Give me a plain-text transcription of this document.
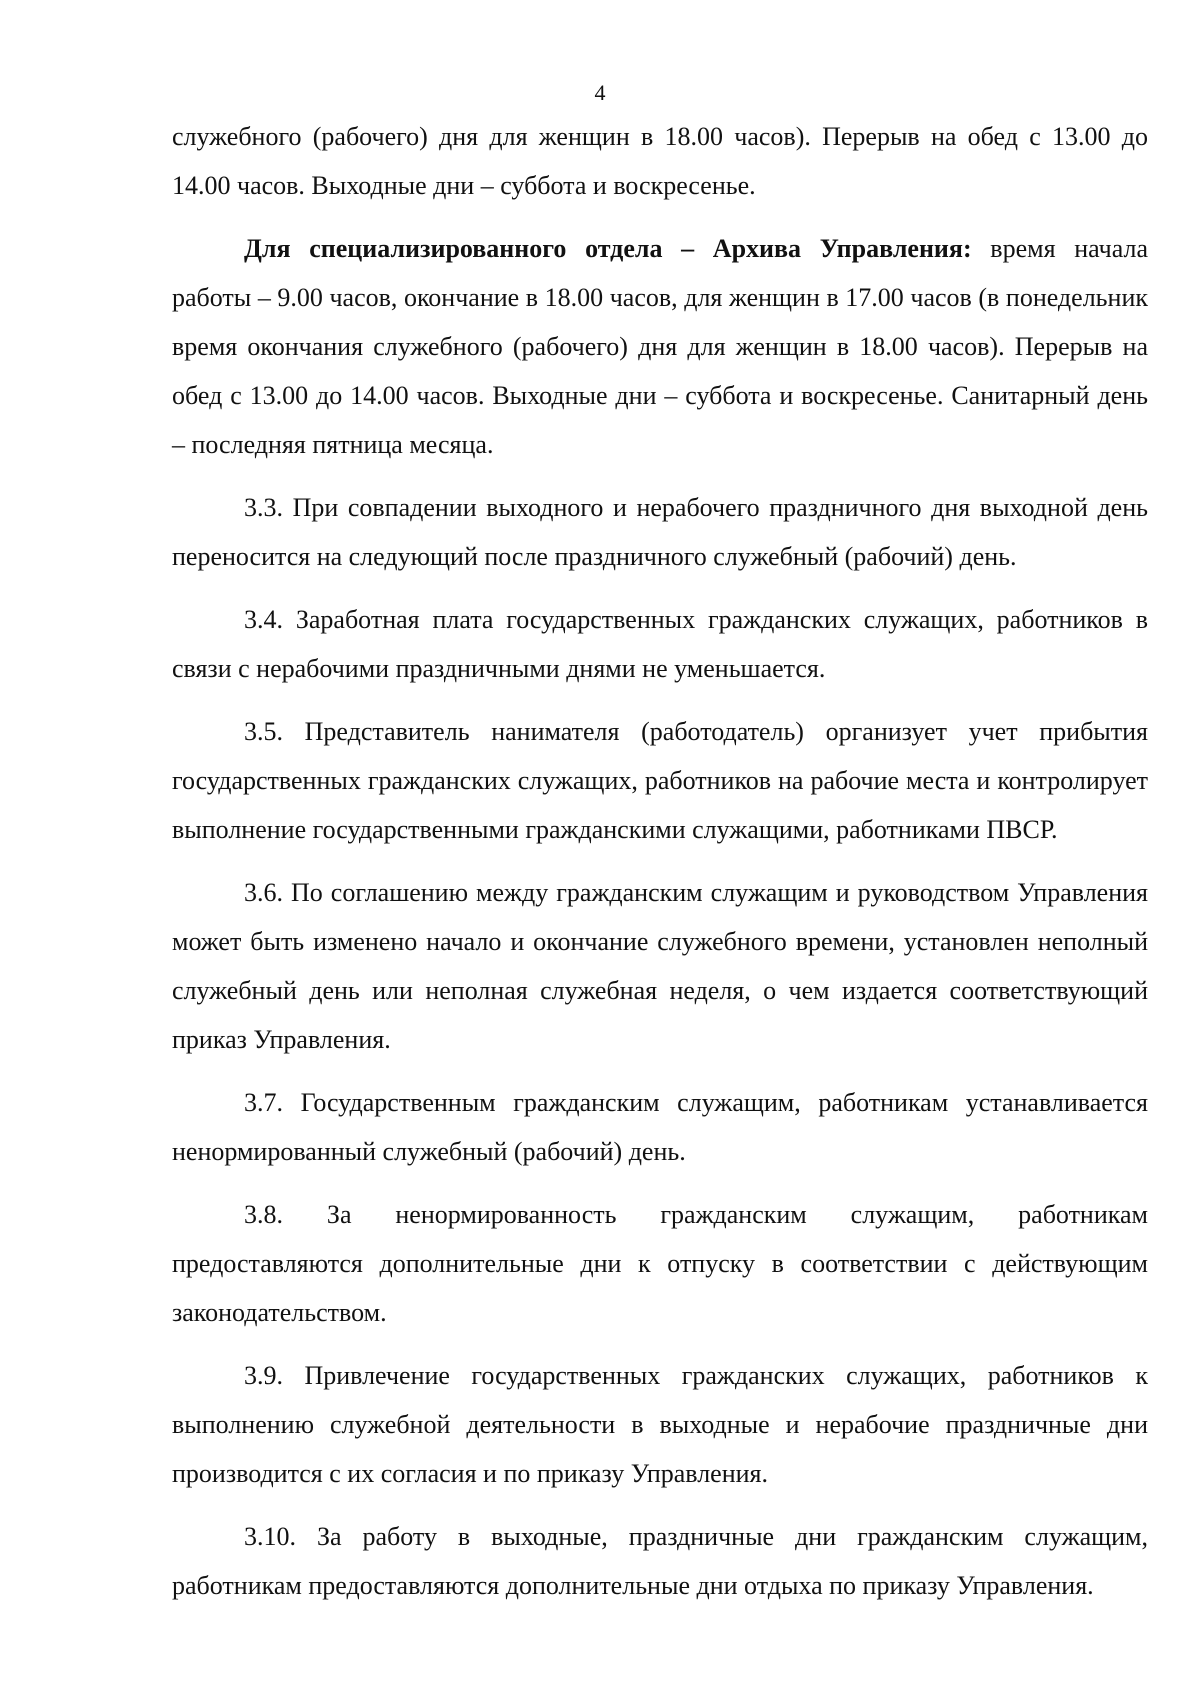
4

служебного (рабочего) дня для женщин в 18.00 часов). Перерыв на обед с 13.00 до 14.00 часов. Выходные дни – суббота и воскресенье.

Для специализированного отдела – Архива Управления: время начала работы – 9.00 часов, окончание в 18.00 часов, для женщин в 17.00 часов (в понедельник время окончания служебного (рабочего) дня для женщин в 18.00 часов). Перерыв на обед с 13.00 до 14.00 часов. Выходные дни – суббота и воскресенье. Санитарный день – последняя пятница месяца.

3.3. При совпадении выходного и нерабочего праздничного дня выходной день переносится на следующий после праздничного служебный (рабочий) день.

3.4. Заработная плата государственных гражданских служащих, работников в связи с нерабочими праздничными днями не уменьшается.

3.5. Представитель нанимателя (работодатель) организует учет прибытия государственных гражданских служащих, работников на рабочие места и контролирует выполнение государственными гражданскими служащими, работниками ПВСР.

3.6. По соглашению между гражданским служащим и руководством Управления может быть изменено начало и окончание служебного времени, установлен неполный служебный день или неполная служебная неделя, о чем издается соответствующий приказ Управления.

3.7. Государственным гражданским служащим, работникам устанавливается ненормированный служебный (рабочий) день.

3.8. За ненормированность гражданским служащим, работникам предоставляются дополнительные дни к отпуску в соответствии с действующим законодательством.

3.9. Привлечение государственных гражданских служащих, работников к выполнению служебной деятельности в выходные и нерабочие праздничные дни производится с их согласия и по приказу Управления.

3.10. За работу в выходные, праздничные дни гражданским служащим, работникам предоставляются дополнительные дни отдыха по приказу Управления.
